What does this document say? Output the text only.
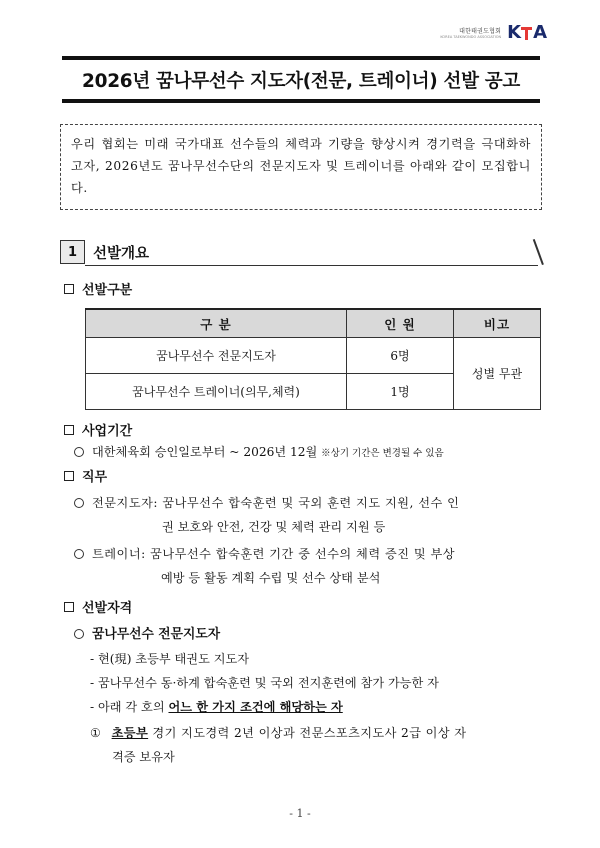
대한태권도협회
KOREA TAEKWONDO ASSOCIATION K A
2026년 꿈나무선수 지도자(전문, 트레이너) 선발 공고
우리 협회는 미래 국가대표 선수들의 체력과 기량을 향상시켜 경기력을 극대화하고자, 2026년도 꿈나무선수단의 전문지도자 및 트레이너를 아래와 같이 모집합니다.
1	선발개요
선발구분
구 분	인 원	비고
꿈나무선수 전문지도자	6명	성별 무관
꿈나무선수 트레이너(의무,체력)	1명	
사업기간
대한체육회 승인일로부터 ~ 2026년 12월 ※상기 기간은 변경될 수 있음
직무
전문지도자: 꿈나무선수 합숙훈련 및 국외 훈련 지도 지원, 선수 인
권 보호와 안전, 건강 및 체력 관리 지원 등
트레이너: 꿈나무선수 합숙훈련 기간 중 선수의 체력 증진 및 부상
예방 등 활동 계획 수립 및 선수 상태 분석
선발자격
꿈나무선수 전문지도자
- 현(現) 초등부 태권도 지도자
- 꿈나무선수 동·하계 합숙훈련 및 국외 전지훈련에 참가 가능한 자
- 아래 각 호의 어느 한 가지 조건에 해당하는 자
① 초등부 경기 지도경력 2년 이상과 전문스포츠지도사 2급 이상 자
격증 보유자
- 1 -
